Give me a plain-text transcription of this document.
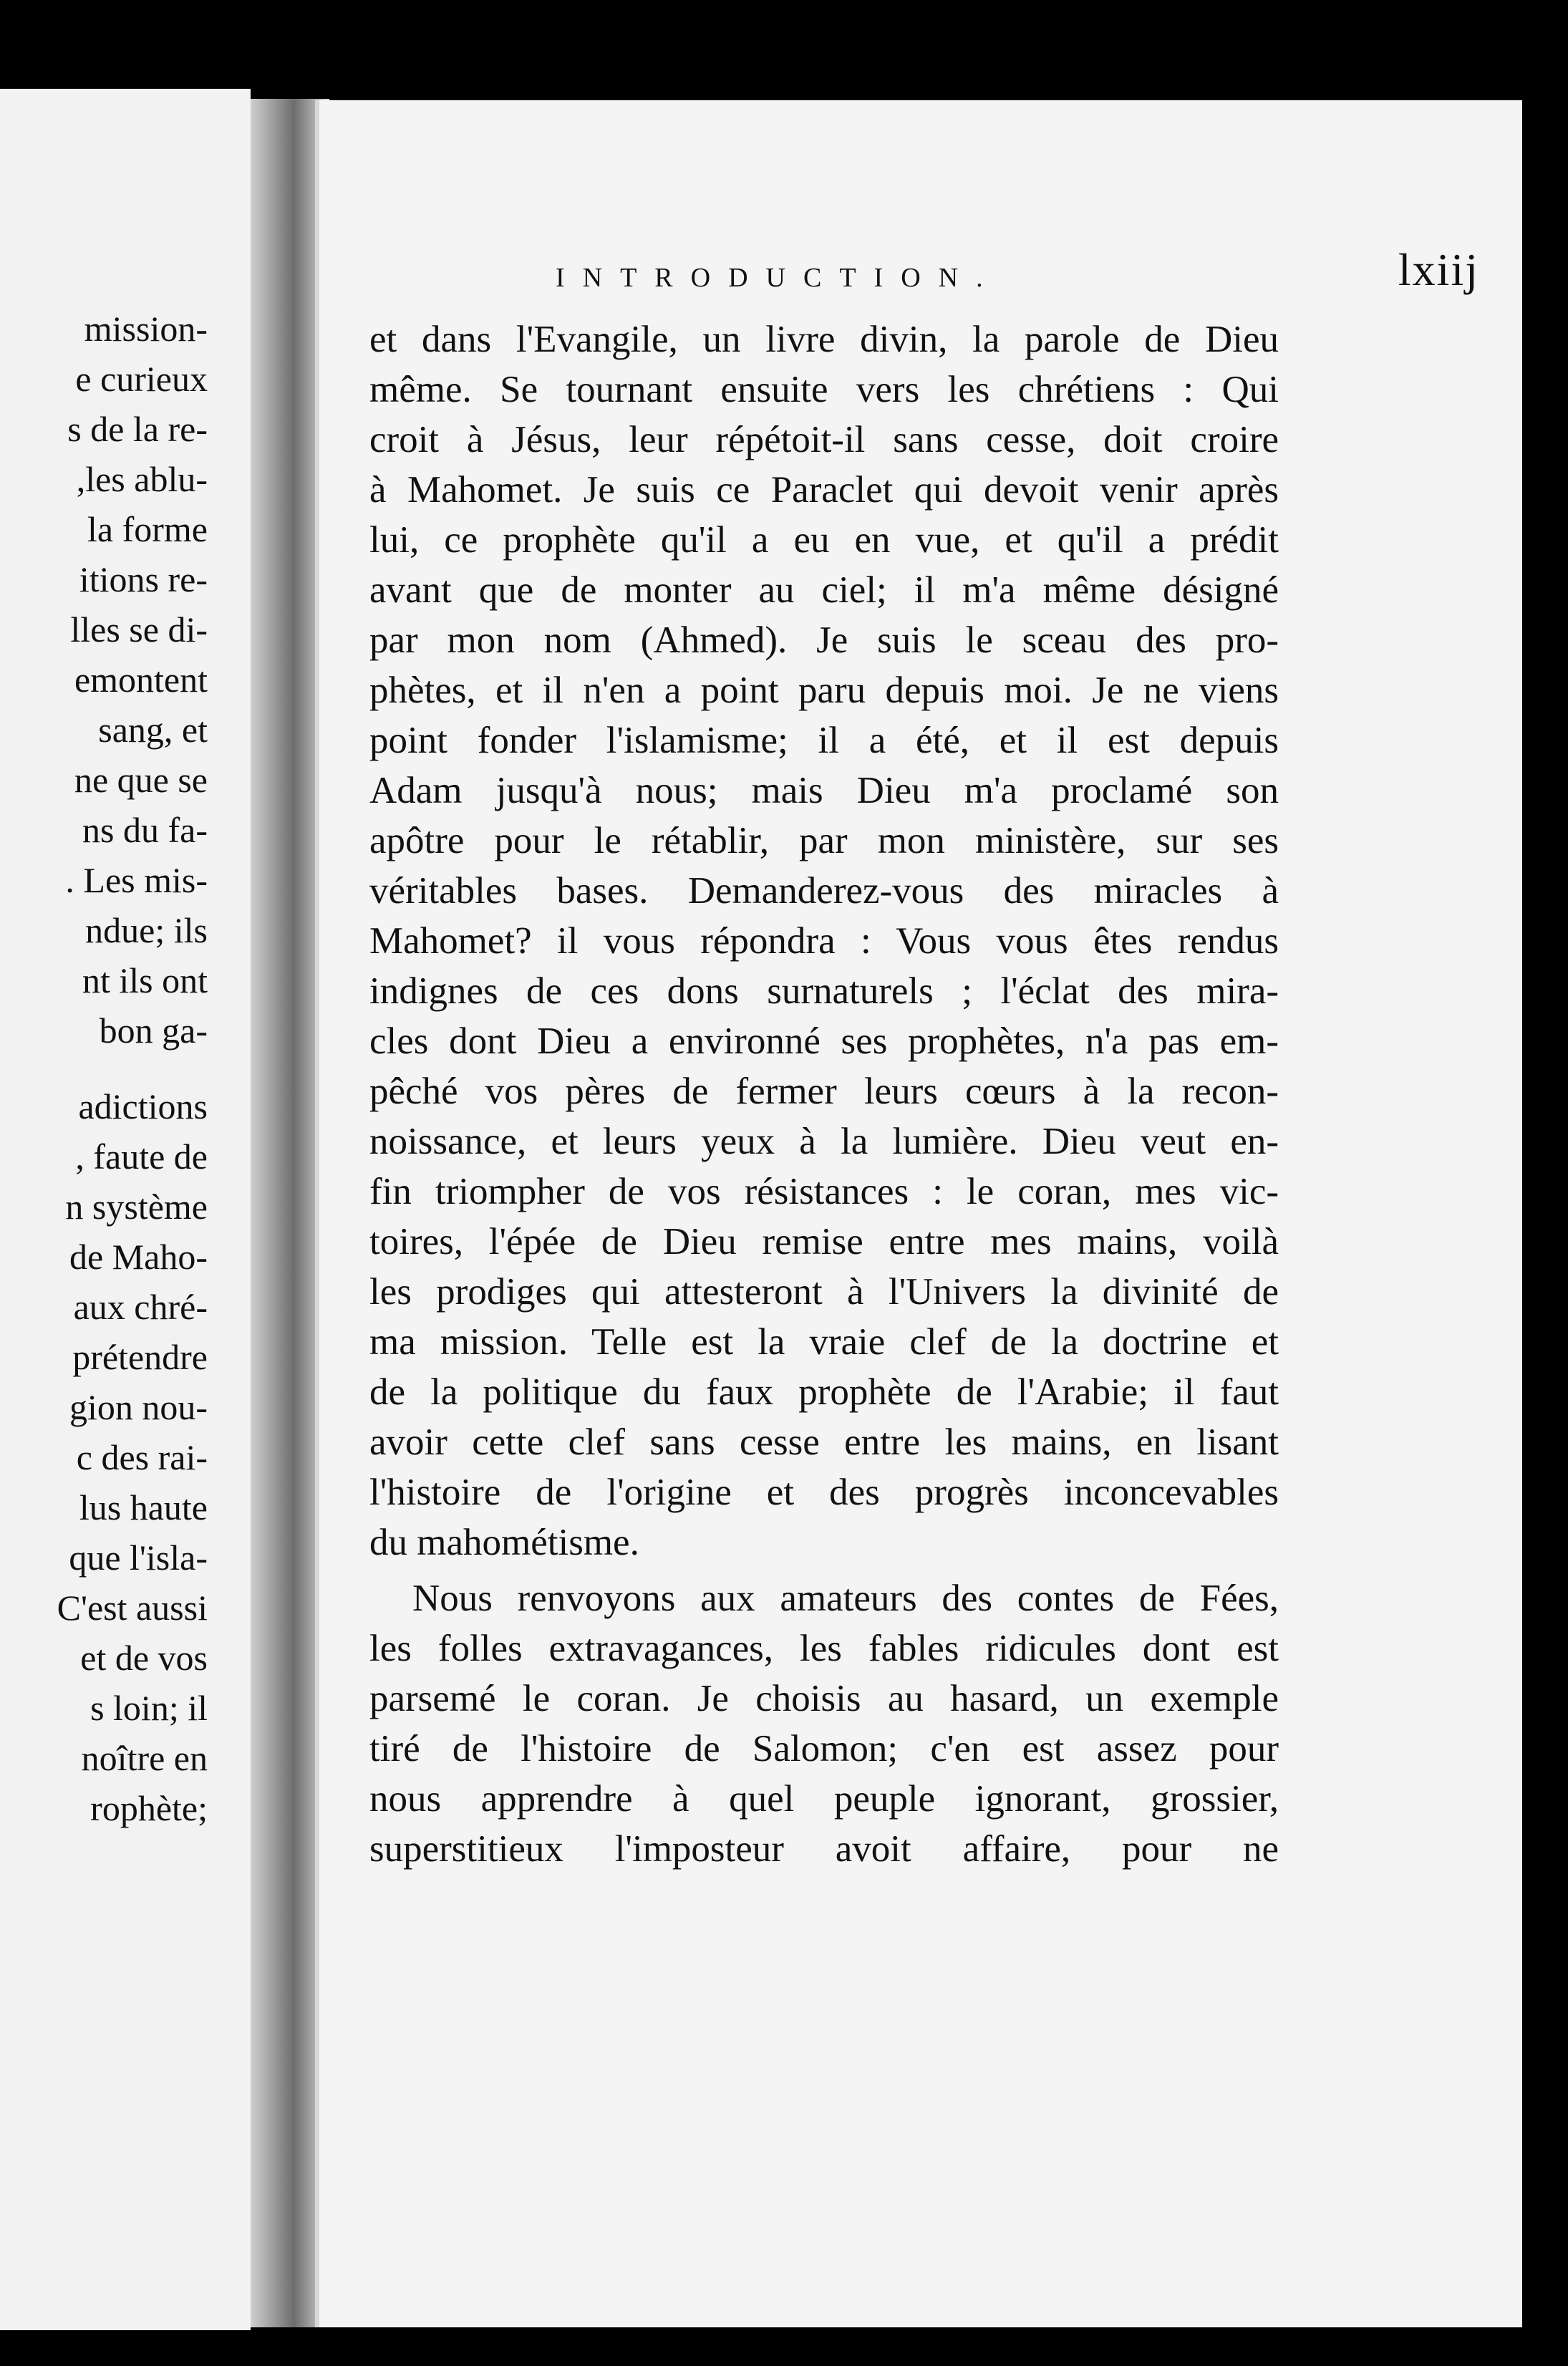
mission-
e curieux
s de la re-
,les ablu-
la forme
itions re-
lles se di-
emontent
sang, et
ne que se
ns du fa-
. Les mis-
ndue; ils
nt ils ont
bon ga-
adictions
, faute de
n système
de Maho-
aux chré-
prétendre
gion nou-
c des rai-
lus haute
que l'isla-
C'est aussi
et de vos
s loin; il
noître en
rophète;
INTRODUCTION.	lxiij
et dans l'Evangile, un livre divin, la parole de Dieu
même. Se tournant ensuite vers les chrétiens : Qui
croit à Jésus, leur répétoit-il sans cesse, doit croire
à Mahomet. Je suis ce Paraclet qui devoit venir après
lui, ce prophète qu'il a eu en vue, et qu'il a prédit
avant que de monter au ciel; il m'a même désigné
par mon nom (Ahmed). Je suis le sceau des pro-
phètes, et il n'en a point paru depuis moi. Je ne viens
point fonder l'islamisme; il a été, et il est depuis
Adam jusqu'à nous; mais Dieu m'a proclamé son
apôtre pour le rétablir, par mon ministère, sur ses
véritables bases. Demanderez-vous des miracles à
Mahomet? il vous répondra : Vous vous êtes rendus
indignes de ces dons surnaturels ; l'éclat des mira-
cles dont Dieu a environné ses prophètes, n'a pas em-
pêché vos pères de fermer leurs cœurs à la recon-
noissance, et leurs yeux à la lumière. Dieu veut en-
fin triompher de vos résistances : le coran, mes vic-
toires, l'épée de Dieu remise entre mes mains, voilà
les prodiges qui attesteront à l'Univers la divinité de
ma mission. Telle est la vraie clef de la doctrine et
de la politique du faux prophète de l'Arabie; il faut
avoir cette clef sans cesse entre les mains, en lisant
l'histoire de l'origine et des progrès inconcevables
du mahométisme.
Nous renvoyons aux amateurs des contes de Fées,
les folles extravagances, les fables ridicules dont est
parsemé le coran. Je choisis au hasard, un exemple
tiré de l'histoire de Salomon; c'en est assez pour
nous apprendre à quel peuple ignorant, grossier,
superstitieux l'imposteur avoit affaire, pour ne
